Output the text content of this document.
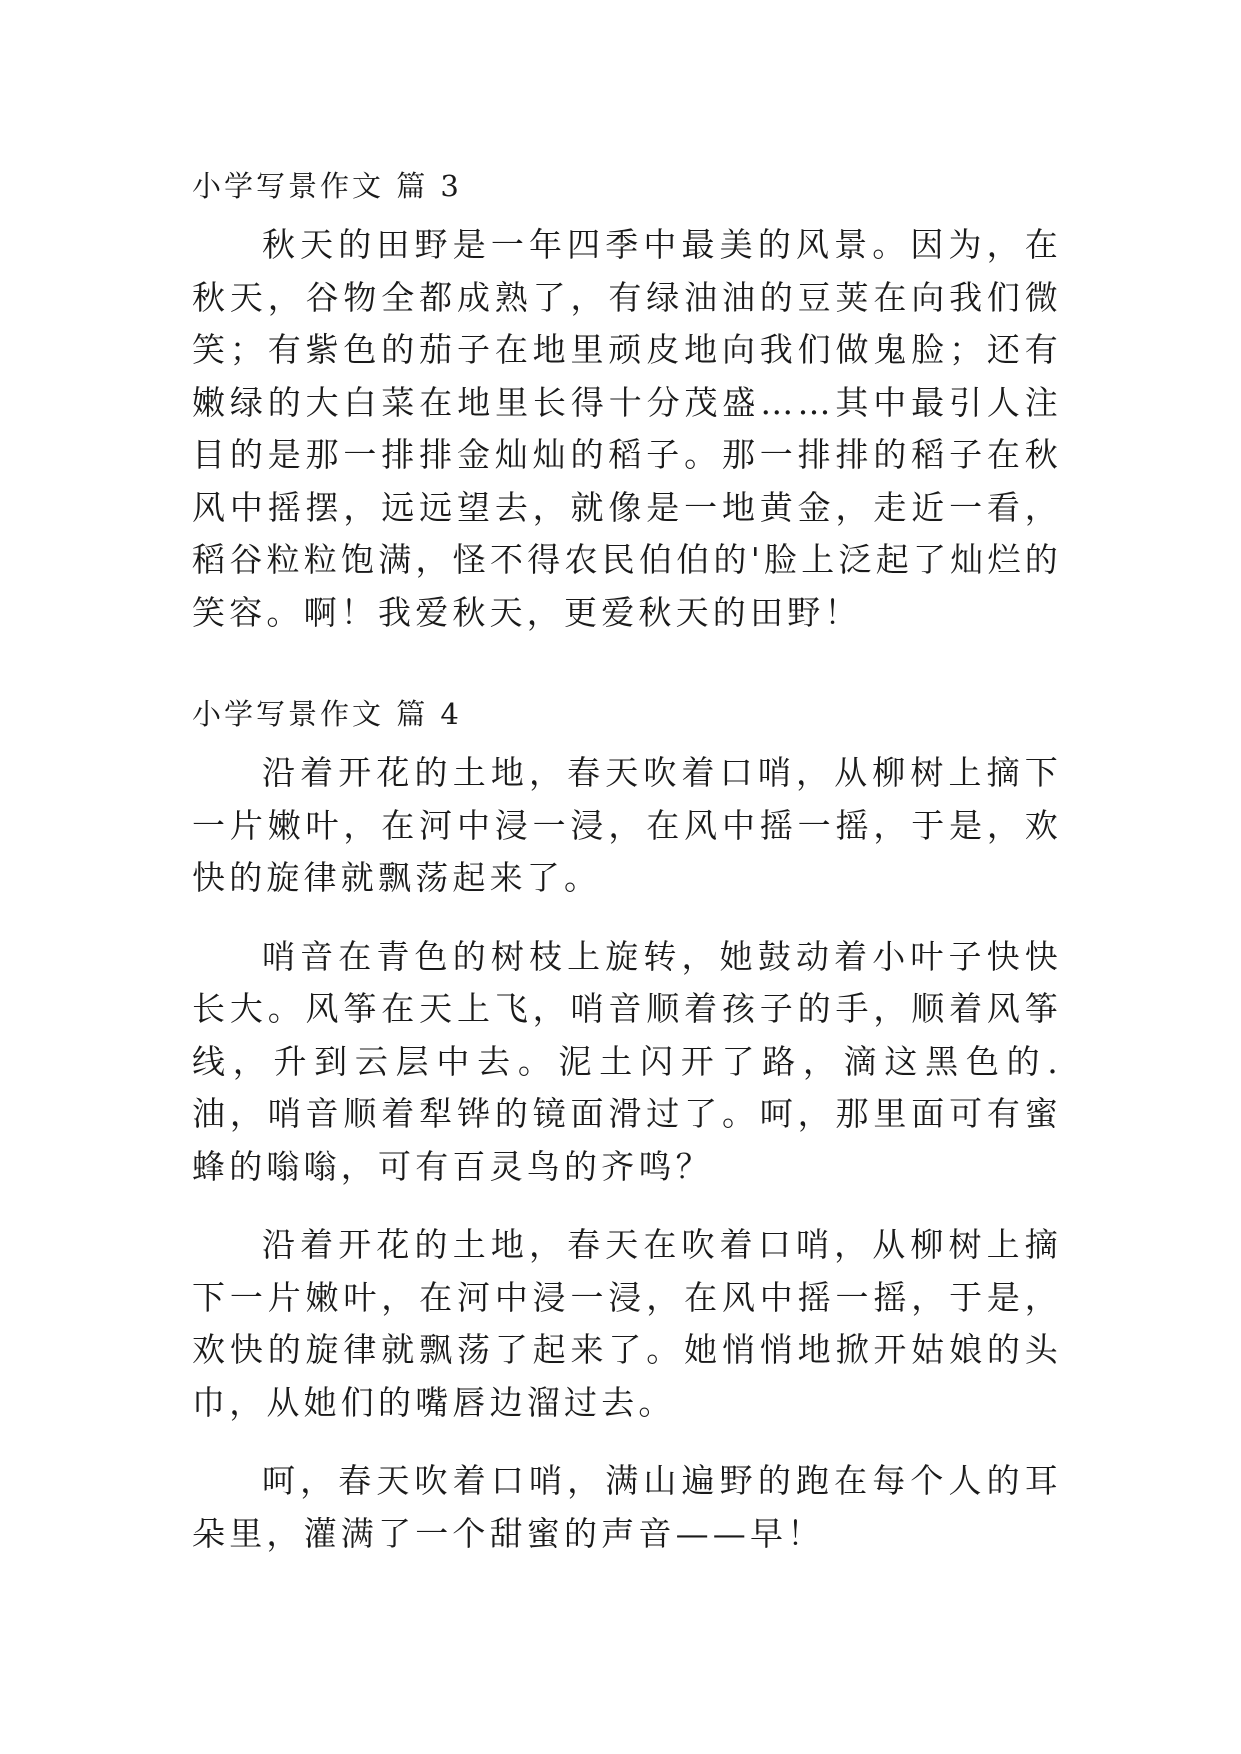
小学写景作文 篇 3

秋天的田野是一年四季中最美的风景。因为，在秋天，谷物全都成熟了，有绿油油的豆荚在向我们微笑；有紫色的茄子在地里顽皮地向我们做鬼脸；还有嫩绿的大白菜在地里长得十分茂盛……其中最引人注目的是那一排排金灿灿的稻子。那一排排的稻子在秋风中摇摆，远远望去，就像是一地黄金，走近一看，稻谷粒粒饱满，怪不得农民伯伯的'脸上泛起了灿烂的笑容。啊！我爱秋天，更爱秋天的田野！

小学写景作文 篇 4

沿着开花的土地，春天吹着口哨，从柳树上摘下一片嫩叶，在河中浸一浸，在风中摇一摇，于是，欢快的旋律就飘荡起来了。

哨音在青色的树枝上旋转，她鼓动着小叶子快快长大。风筝在天上飞，哨音顺着孩子的手，顺着风筝线，升到云层中去。泥土闪开了路，滴这黑色的.油，哨音顺着犁铧的镜面滑过了。呵，那里面可有蜜蜂的嗡嗡，可有百灵鸟的齐鸣？

沿着开花的土地，春天在吹着口哨，从柳树上摘下一片嫩叶，在河中浸一浸，在风中摇一摇，于是，欢快的旋律就飘荡了起来了。她悄悄地掀开姑娘的头巾，从她们的嘴唇边溜过去。

呵，春天吹着口哨，满山遍野的跑在每个人的耳朵里，灌满了一个甜蜜的声音——早！
